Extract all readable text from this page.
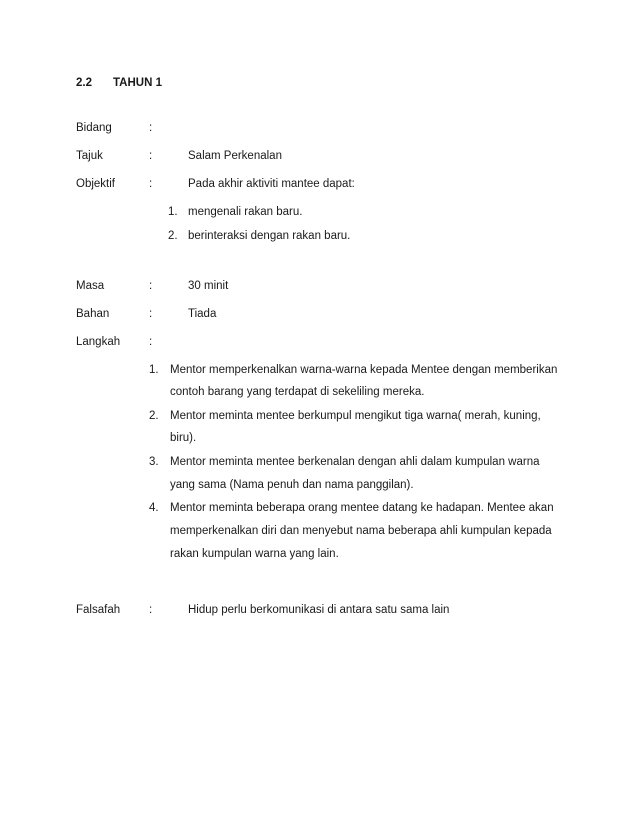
2.2 TAHUN 1
Bidang	:
Tajuk	:	Salam Perkenalan
Objektif	:	Pada akhir aktiviti mantee dapat:
1. mengenali rakan baru.
2. berinteraksi dengan rakan baru.
Masa	:	30 minit
Bahan	:	Tiada
Langkah	:
1. Mentor memperkenalkan warna-warna kepada Mentee dengan memberikan
contoh barang yang terdapat di sekeliling mereka.
2. Mentor meminta mentee berkumpul mengikut tiga warna( merah, kuning,
biru).
3. Mentor meminta mentee berkenalan dengan ahli dalam kumpulan warna
yang sama (Nama penuh dan nama panggilan).
4. Mentor meminta beberapa orang mentee datang ke hadapan. Mentee akan
memperkenalkan diri dan menyebut nama beberapa ahli kumpulan kepada
rakan kumpulan warna yang lain.
Falsafah	:	Hidup perlu berkomunikasi di antara satu sama lain
